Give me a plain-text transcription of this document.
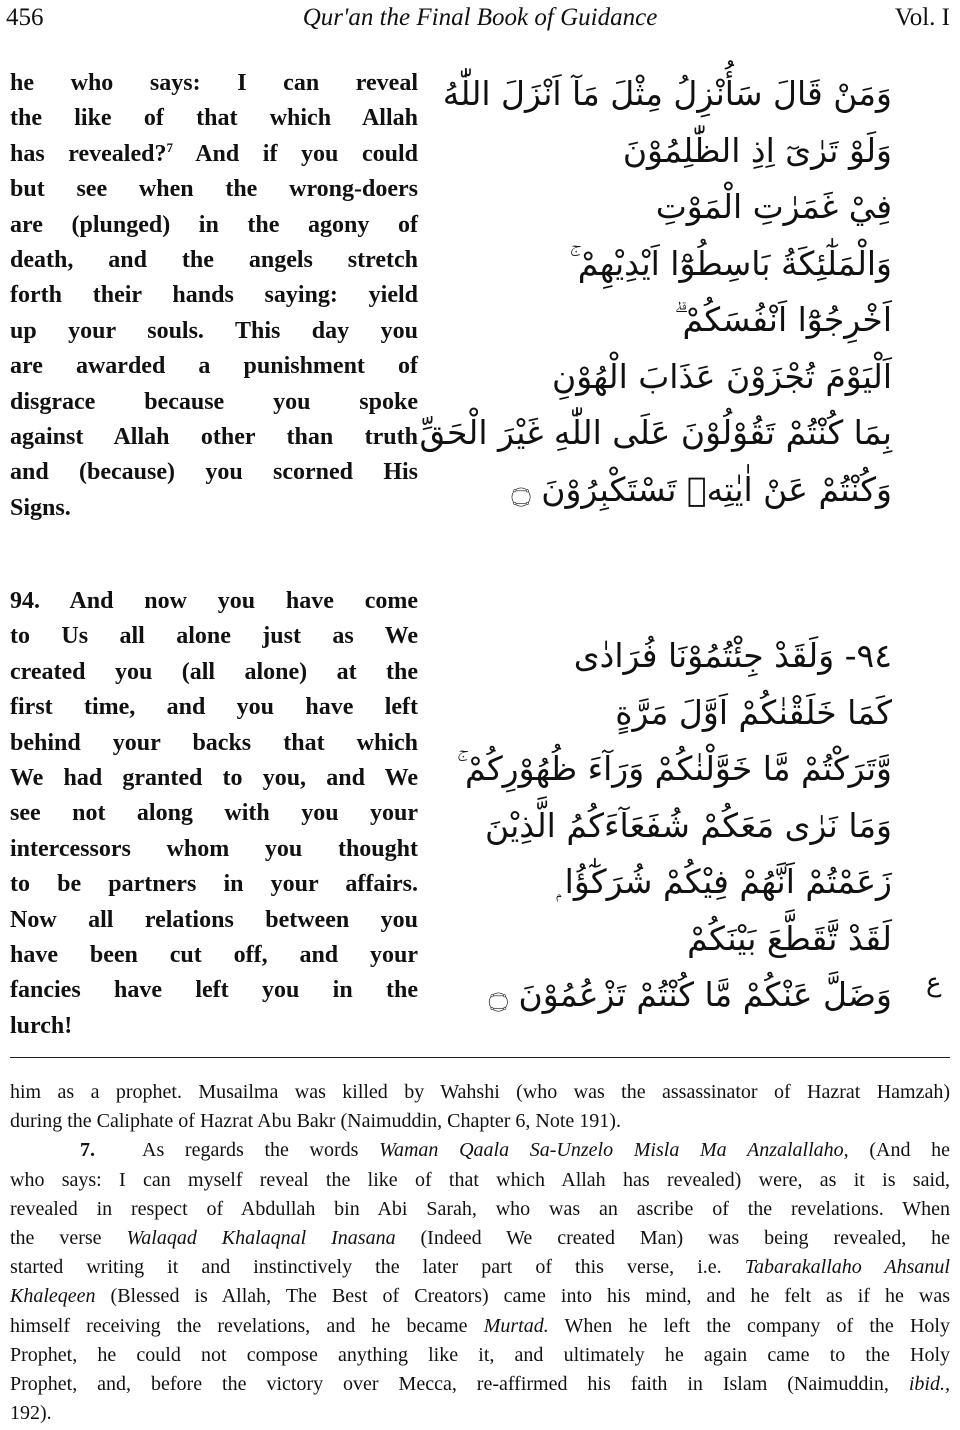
456	Qur'an the Final Book of Guidance	Vol. I
he who says: I can reveal
the like of that which Allah
has revealed?$^7$ And if you could
but see when the wrong-doers
are (plunged) in the agony of
death, and the angels stretch
forth their hands saying: yield
up your souls. This day you
are awarded a punishment of
disgrace because you spoke
against Allah other than truth
and (because) you scorned His
Signs.
وَمَنْ قَالَ سَأُنْزِلُ مِثْلَ مَآ اَنْزَلَ اللّٰهُ
وَلَوْ تَرٰىٓ اِذِ الظّٰلِمُوْنَ
فِيْ غَمَرٰتِ الْمَوْتِ
وَالْمَلٰٓئِكَةُ بَاسِطُوْٓا اَيْدِيْهِمْ ۚ
اَخْرِجُوْٓا اَنْفُسَكُمْ ۗ
اَلْيَوْمَ تُجْزَوْنَ عَذَابَ الْهُوْنِ
بِمَا كُنْتُمْ تَقُوْلُوْنَ عَلَى اللّٰهِ غَيْرَ الْحَقِّ
وَكُنْتُمْ عَنْ اٰيٰتِهٖ تَسْتَكْبِرُوْنَ ۝
94. And now you have come
to Us all alone just as We
created you (all alone) at the
first time, and you have left
behind your backs that which
We had granted to you, and We
see not along with you your
intercessors whom you thought
to be partners in your affairs.
Now all relations between you
have been cut off, and your
fancies have left you in the
lurch!
٩٤- وَلَقَدْ جِئْتُمُوْنَا فُرَادٰى
كَمَا خَلَقْنٰكُمْ اَوَّلَ مَرَّةٍ
وَّتَرَكْتُمْ مَّا خَوَّلْنٰكُمْ وَرَآءَ ظُهُوْرِكُمْ ۚ
وَمَا نَرٰى مَعَكُمْ شُفَعَآءَكُمُ الَّذِيْنَ
زَعَمْتُمْ اَنَّهُمْ فِيْكُمْ شُرَكٰٓؤُا ۭ
لَقَدْ تَّقَطَّعَ بَيْنَكُمْ
وَضَلَّ عَنْكُمْ مَّا كُنْتُمْ تَزْعُمُوْنَ ۝ ع
him as a prophet. Musailma was killed by Wahshi (who was the assassinator of Hazrat Hamzah)
during the Caliphate of Hazrat Abu Bakr (Naimuddin, Chapter 6, Note 191).
7. As regards the words Waman Qaala Sa-Unzelo Misla Ma Anzalallaho, (And he
who says: I can myself reveal the like of that which Allah has revealed) were, as it is said,
revealed in respect of Abdullah bin Abi Sarah, who was an ascribe of the revelations. When
the verse Walaqad Khalaqnal Inasana (Indeed We created Man) was being revealed, he
started writing it and instinctively the later part of this verse, i.e. Tabarakallaho Ahsanul
Khaleqeen (Blessed is Allah, The Best of Creators) came into his mind, and he felt as if he was
himself receiving the revelations, and he became Murtad. When he left the company of the Holy
Prophet, he could not compose anything like it, and ultimately he again came to the Holy
Prophet, and, before the victory over Mecca, re-affirmed his faith in Islam (Naimuddin, ibid.,
192).
